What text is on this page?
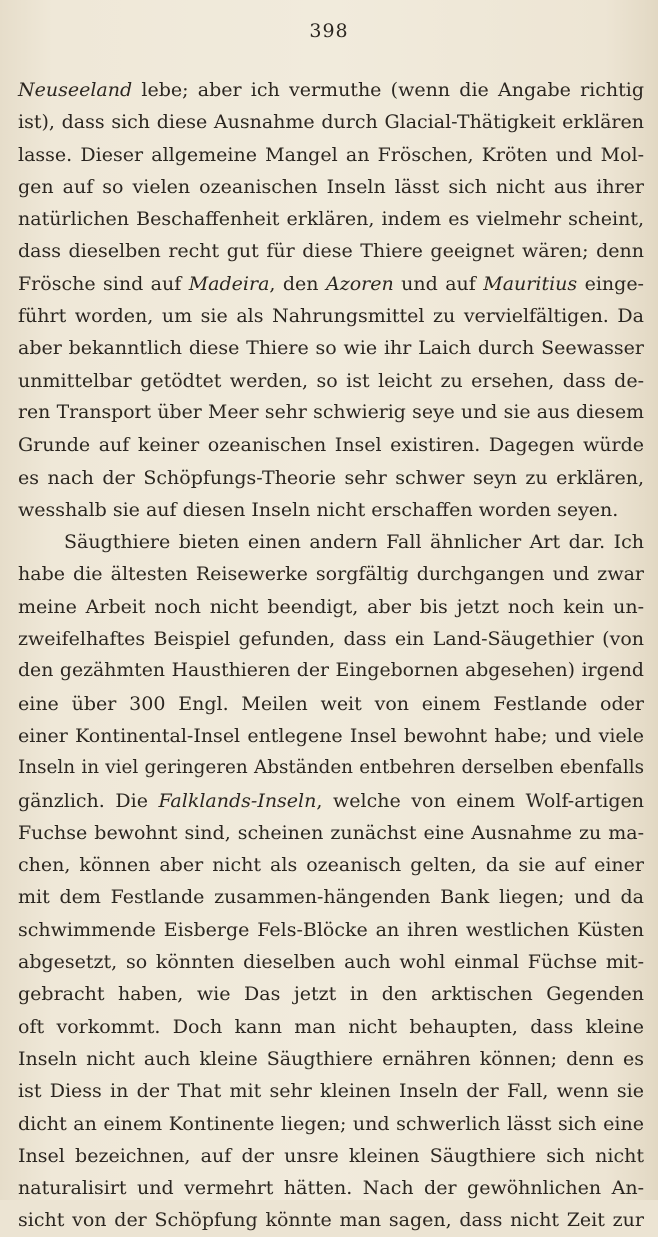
398
Neuseeland lebe; aber ich vermuthe (wenn die Angabe richtig
ist), dass sich diese Ausnahme durch Glacial-Thätigkeit erklären
lasse. Dieser allgemeine Mangel an Fröschen, Kröten und Mol-
gen auf so vielen ozeanischen Inseln lässt sich nicht aus ihrer
natürlichen Beschaffenheit erklären, indem es vielmehr scheint,
dass dieselben recht gut für diese Thiere geeignet wären; denn
Frösche sind auf Madeira, den Azoren und auf Mauritius einge-
führt worden, um sie als Nahrungsmittel zu vervielfältigen. Da
aber bekanntlich diese Thiere so wie ihr Laich durch Seewasser
unmittelbar getödtet werden, so ist leicht zu ersehen, dass de-
ren Transport über Meer sehr schwierig seye und sie aus diesem
Grunde auf keiner ozeanischen Insel existiren. Dagegen würde
es nach der Schöpfungs-Theorie sehr schwer seyn zu erklären,
wesshalb sie auf diesen Inseln nicht erschaffen worden seyen.
Säugthiere bieten einen andern Fall ähnlicher Art dar. Ich
habe die ältesten Reisewerke sorgfältig durchgangen und zwar
meine Arbeit noch nicht beendigt, aber bis jetzt noch kein un-
zweifelhaftes Beispiel gefunden, dass ein Land-Säugethier (von
den gezähmten Hausthieren der Eingebornen abgesehen) irgend
eine über 300 Engl. Meilen weit von einem Festlande oder
einer Kontinental-Insel entlegene Insel bewohnt habe; und viele
Inseln in viel geringeren Abständen entbehren derselben ebenfalls
gänzlich. Die Falklands-Inseln, welche von einem Wolf-artigen
Fuchse bewohnt sind, scheinen zunächst eine Ausnahme zu ma-
chen, können aber nicht als ozeanisch gelten, da sie auf einer
mit dem Festlande zusammen-hängenden Bank liegen; und da
schwimmende Eisberge Fels-Blöcke an ihren westlichen Küsten
abgesetzt, so könnten dieselben auch wohl einmal Füchse mit-
gebracht haben, wie Das jetzt in den arktischen Gegenden
oft vorkommt. Doch kann man nicht behaupten, dass kleine
Inseln nicht auch kleine Säugthiere ernähren können; denn es
ist Diess in der That mit sehr kleinen Inseln der Fall, wenn sie
dicht an einem Kontinente liegen; und schwerlich lässt sich eine
Insel bezeichnen, auf der unsre kleinen Säugthiere sich nicht
naturalisirt und vermehrt hätten. Nach der gewöhnlichen An-
sicht von der Schöpfung könnte man sagen, dass nicht Zeit zur
